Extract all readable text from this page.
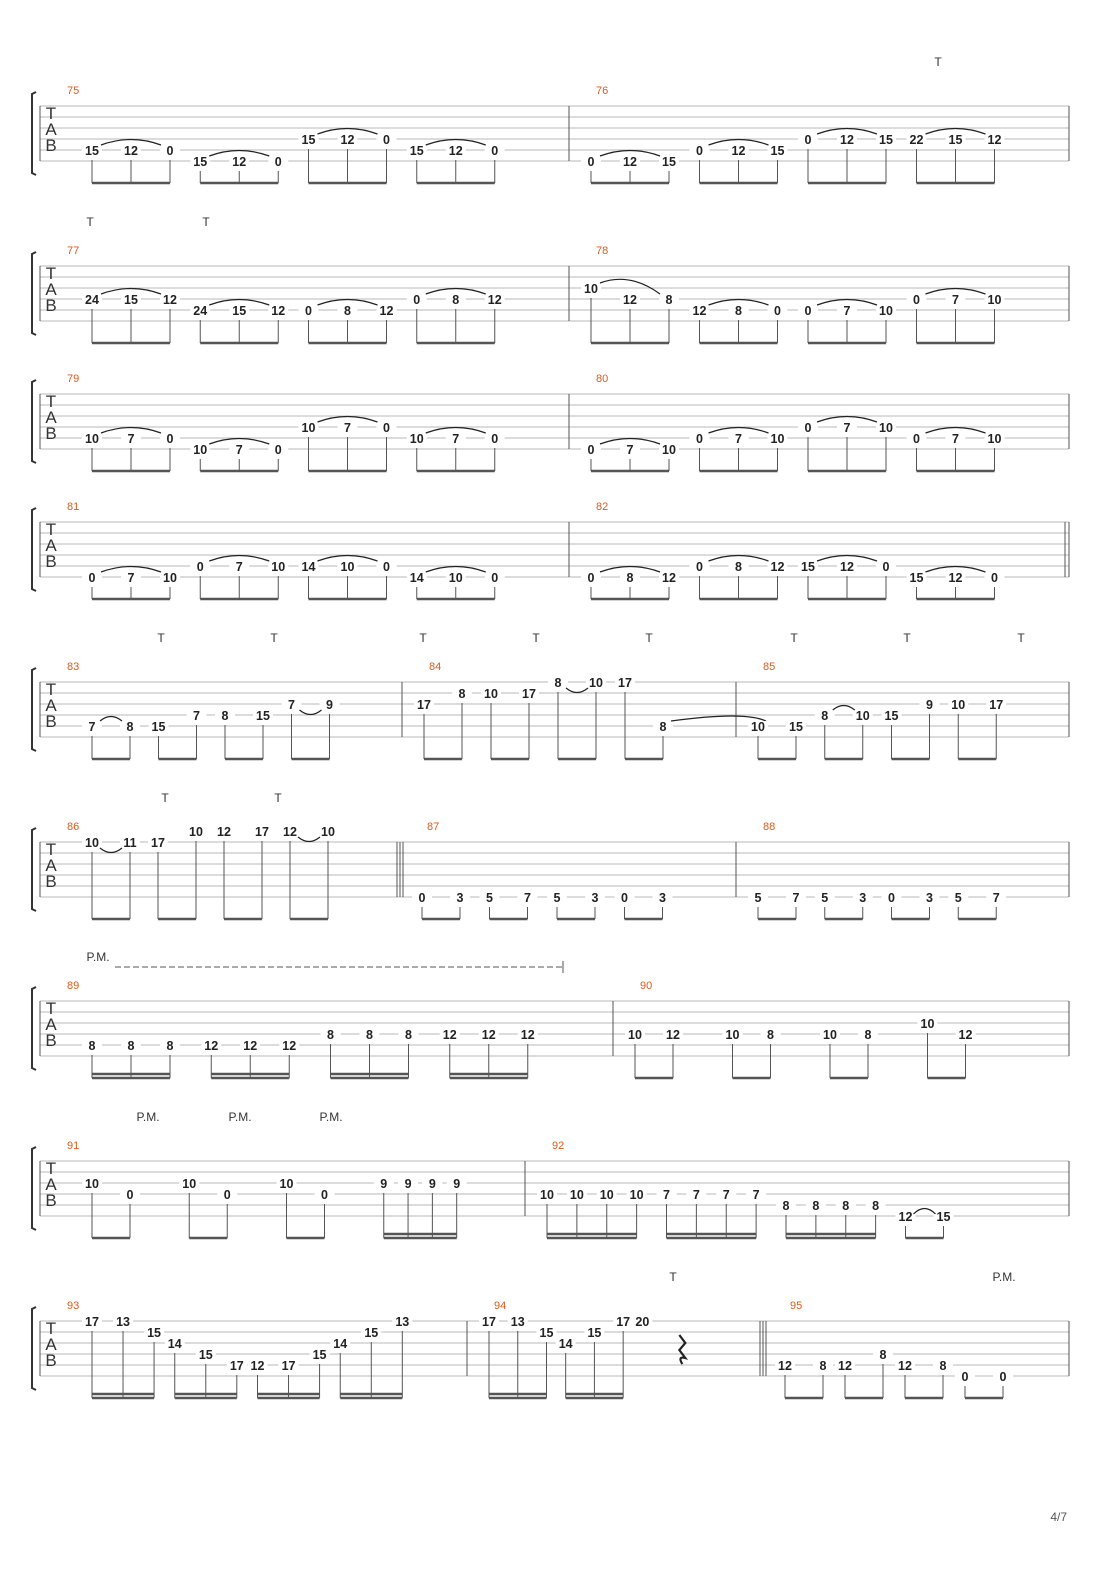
T
A
B
T
75
15 12 0
15 12 0
15 12 0
15 12 0
76
0 12 15
0 12 15
0 12 15 22 15 12
T
A
B
T	T
77
24 15 12
24 15 12 0	8 12
0	8 12
78
10
12 8
12 8	0 0	7 10
0	7 10
T
A
B
79
10 7	0
10 7	0
10 7	0
10 7	0
80
0	7 10
0	7 10
0	7 10
0	7 10
T
A
B
81
0	7 10
0	7 10 14 10 0
14 10 0
82
0	8 12
0	8 12 15 12 0
15 12 0
T
A
B
T	T	T	T	T	T	T	T
83
7 8 15
7 8 15
7 9
84
17
8 10 17
8 10 17
8
85
10 15
8 10 15
9 10 17
T
A
B
T	T
86
10 11 17
10 12 17 12 10	87
0 3 5 7 5 3 0 3
88
5 7 5 3 0 3 5 7
T
A
B
P.M.
89
8	8	8 12 12 12
8	8	8 12 12 12
90
10 12	10 8	10 8
10
12
T
A
B
P.M.	P.M.	P.M.
91
10
0
10
0
10
0
9 9 9 9
92
10 10 10 10 7 7 7 7
8 8 8 8
12 15
T
A
B
T	P.M.
93
17 13
15
14
15
17 12 17
15
14
15
13
94
17 13
15
14
15
17 20
95
12 8 12
8
12 8
0 0
4/7
